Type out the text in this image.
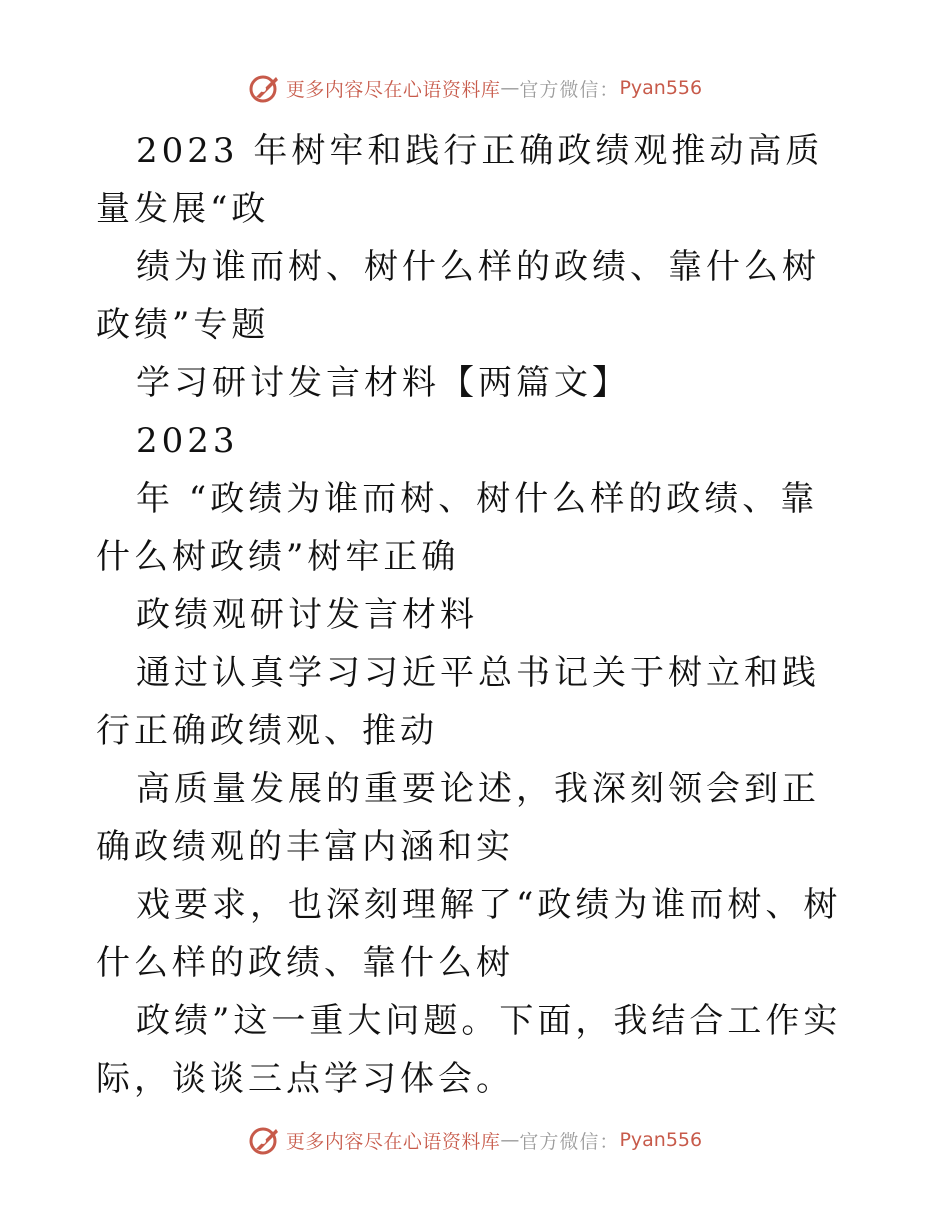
更多内容尽在心语资料库 — 官方微信： Pyan556

2023 年树牢和践行正确政绩观推动高质量发展“政

绩为谁而树、树什么样的政绩、靠什么树政绩”专题

学习研讨发言材料【两篇文】

2023

年 “政绩为谁而树、树什么样的政绩、靠什么树政绩”树牢正确

政绩观研讨发言材料

通过认真学习习近平总书记关于树立和践行正确政绩观、推动

高质量发展的重要论述，我深刻领会到正确政绩观的丰富内涵和实

戏要求，也深刻理解了“政绩为谁而树、树什么样的政绩、靠什么树

政绩”这一重大问题。下面，我结合工作实际，谈谈三点学习体会。

更多内容尽在心语资料库 — 官方微信： Pyan556
